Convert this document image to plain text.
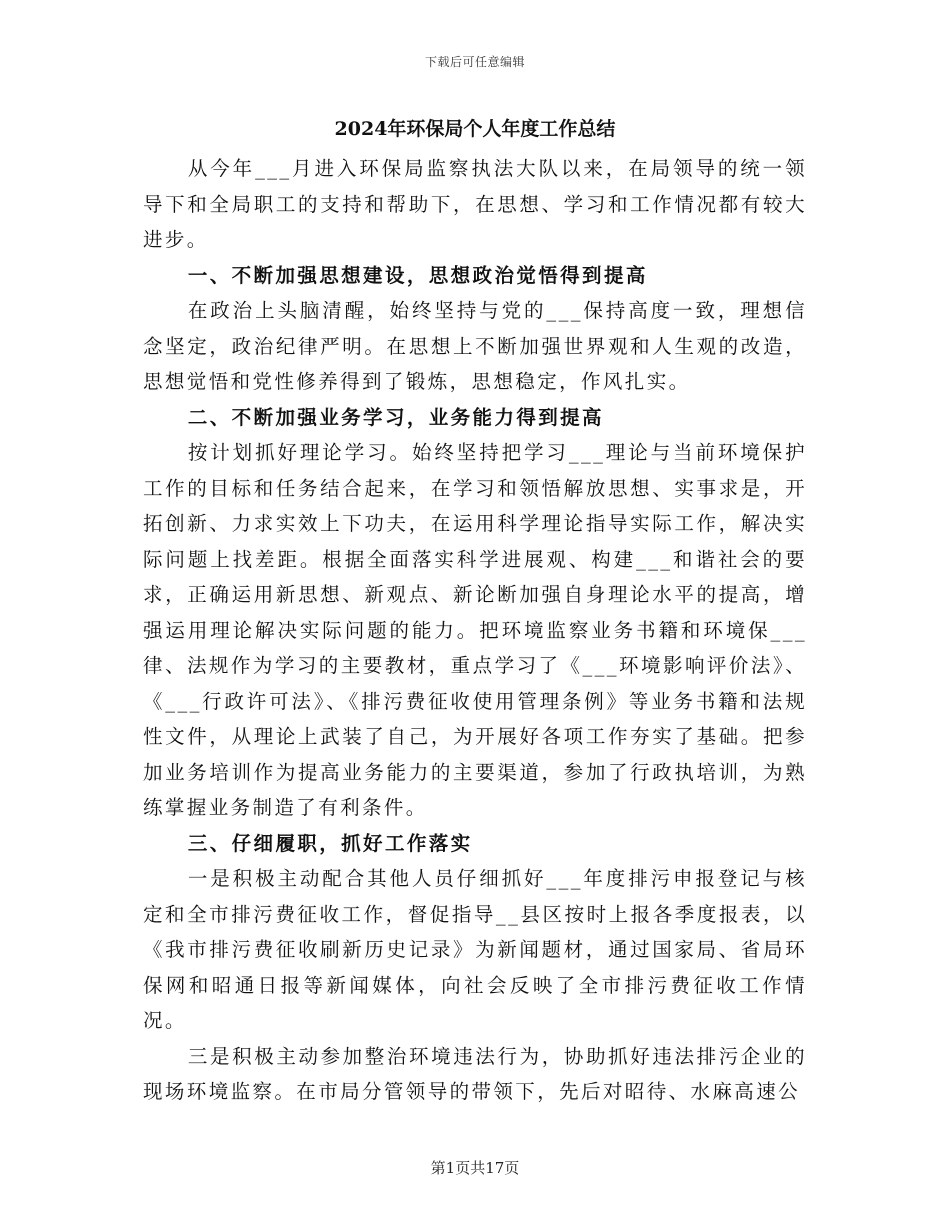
下载后可任意编辑
2024年环保局个人年度工作总结

从今年___月进入环保局监察执法大队以来，在局领导的统一领导下和全局职工的支持和帮助下，在思想、学习和工作情况都有较大进步。

一、不断加强思想建设，思想政治觉悟得到提高

在政治上头脑清醒，始终坚持与党的___保持高度一致，理想信念坚定，政治纪律严明。在思想上不断加强世界观和人生观的改造，思想觉悟和党性修养得到了锻炼，思想稳定，作风扎实。

二、不断加强业务学习，业务能力得到提高

按计划抓好理论学习。始终坚持把学习___理论与当前环境保护工作的目标和任务结合起来，在学习和领悟解放思想、实事求是，开拓创新、力求实效上下功夫，在运用科学理论指导实际工作，解决实际问题上找差距。根据全面落实科学进展观、构建___和谐社会的要求，正确运用新思想、新观点、新论断加强自身理论水平的提高，增强运用理论解决实际问题的能力。把环境监察业务书籍和环境保___律、法规作为学习的主要教材，重点学习了《___环境影响评价法》、《___行政许可法》、《排污费征收使用管理条例》等业务书籍和法规性文件，从理论上武装了自己，为开展好各项工作夯实了基础。把参加业务培训作为提高业务能力的主要渠道，参加了行政执培训，为熟练掌握业务制造了有利条件。

三、仔细履职，抓好工作落实

一是积极主动配合其他人员仔细抓好___年度排污申报登记与核定和全市排污费征收工作，督促指导__县区按时上报各季度报表，以《我市排污费征收刷新历史记录》为新闻题材，通过国家局、省局环保网和昭通日报等新闻媒体，向社会反映了全市排污费征收工作情况。

三是积极主动参加整治环境违法行为，协助抓好违法排污企业的现场环境监察。在市局分管领导的带领下，先后对昭待、水麻高速公

第1页共17页
